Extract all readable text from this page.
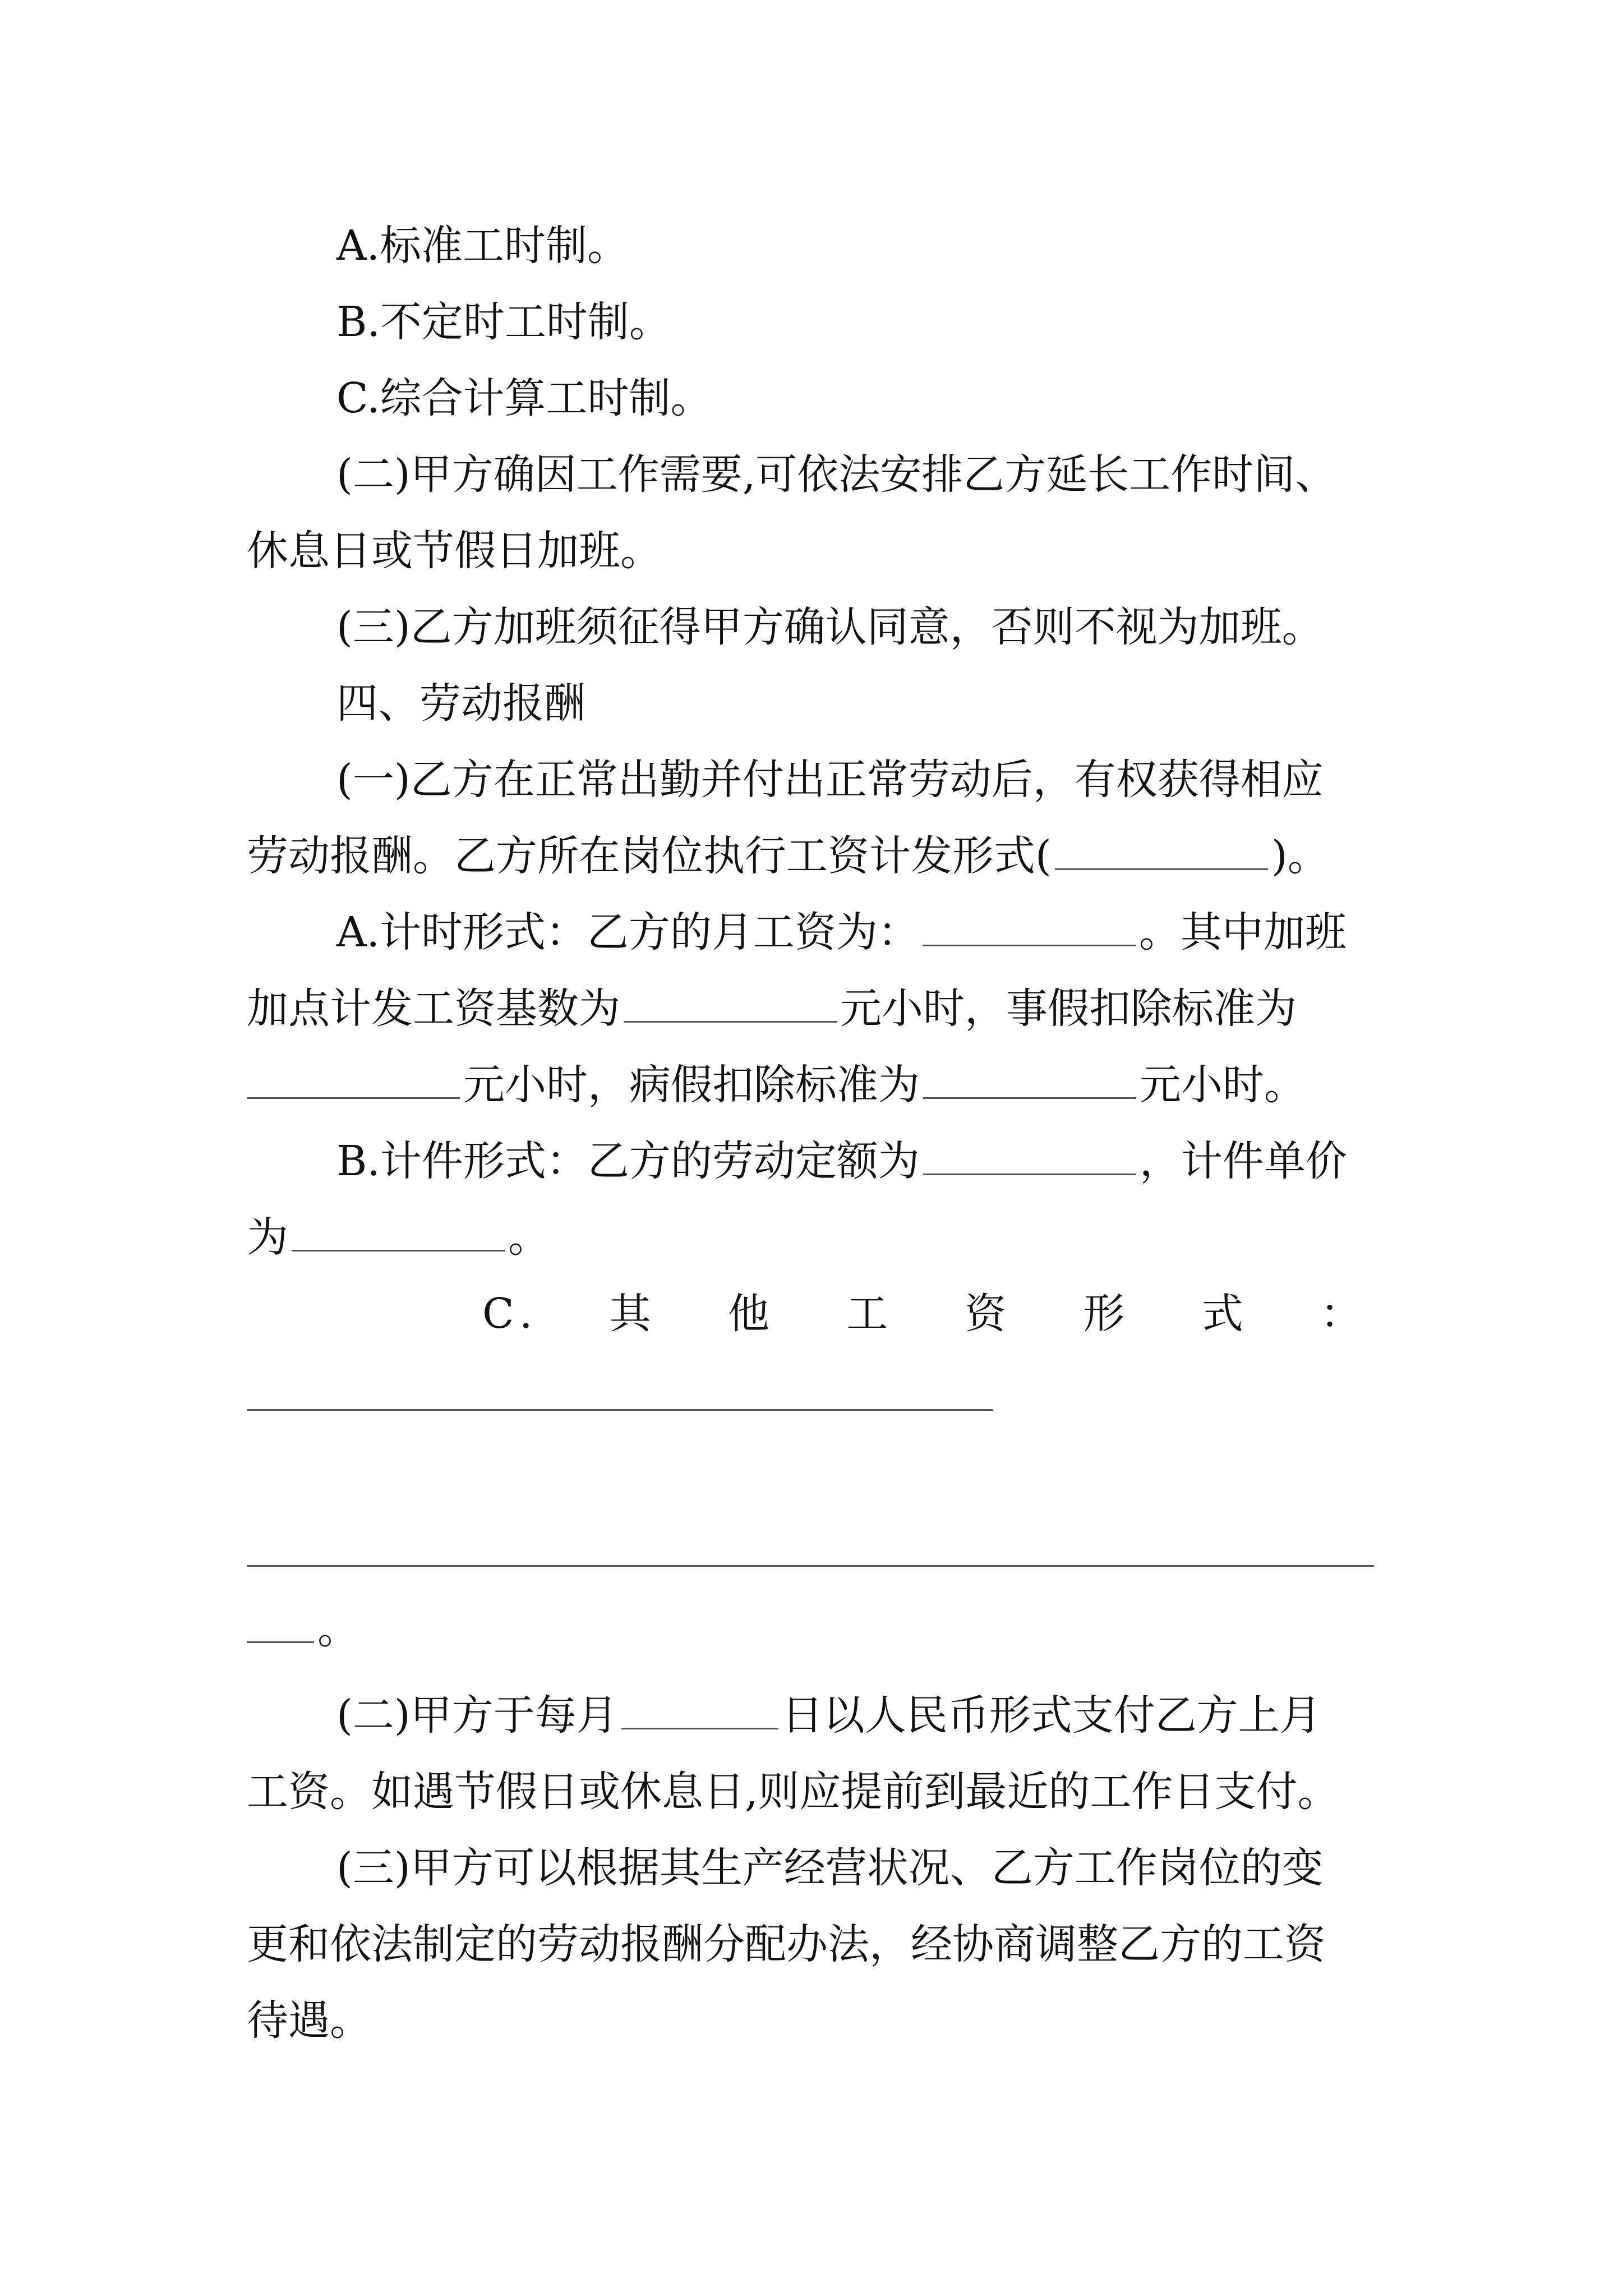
A.标准工时制。
B.不定时工时制。
C.综合计算工时制。
(二)甲方确因工作需要,可依法安排乙方延长工作时间、
休息日或节假日加班。
(三)乙方加班须征得甲方确认同意，否则不视为加班。
四、劳动报酬
(一)乙方在正常出勤并付出正常劳动后，有权获得相应
劳动报酬。乙方所在岗位执行工资计发形式(	)。
A.计时形式：乙方的月工资为：	。其中加班
加点计发工资基数为	元小时，事假扣除标准为
元小时，病假扣除标准为	元小时。
B.计件形式：乙方的劳动定额为	，计件单价
为	。
C. 其 他 工 资 形 式 ：
。
(二)甲方于每月	日以人民币形式支付乙方上月
工资。如遇节假日或休息日,则应提前到最近的工作日支付。
(三)甲方可以根据其生产经营状况、乙方工作岗位的变
更和依法制定的劳动报酬分配办法，经协商调整乙方的工资
待遇。
